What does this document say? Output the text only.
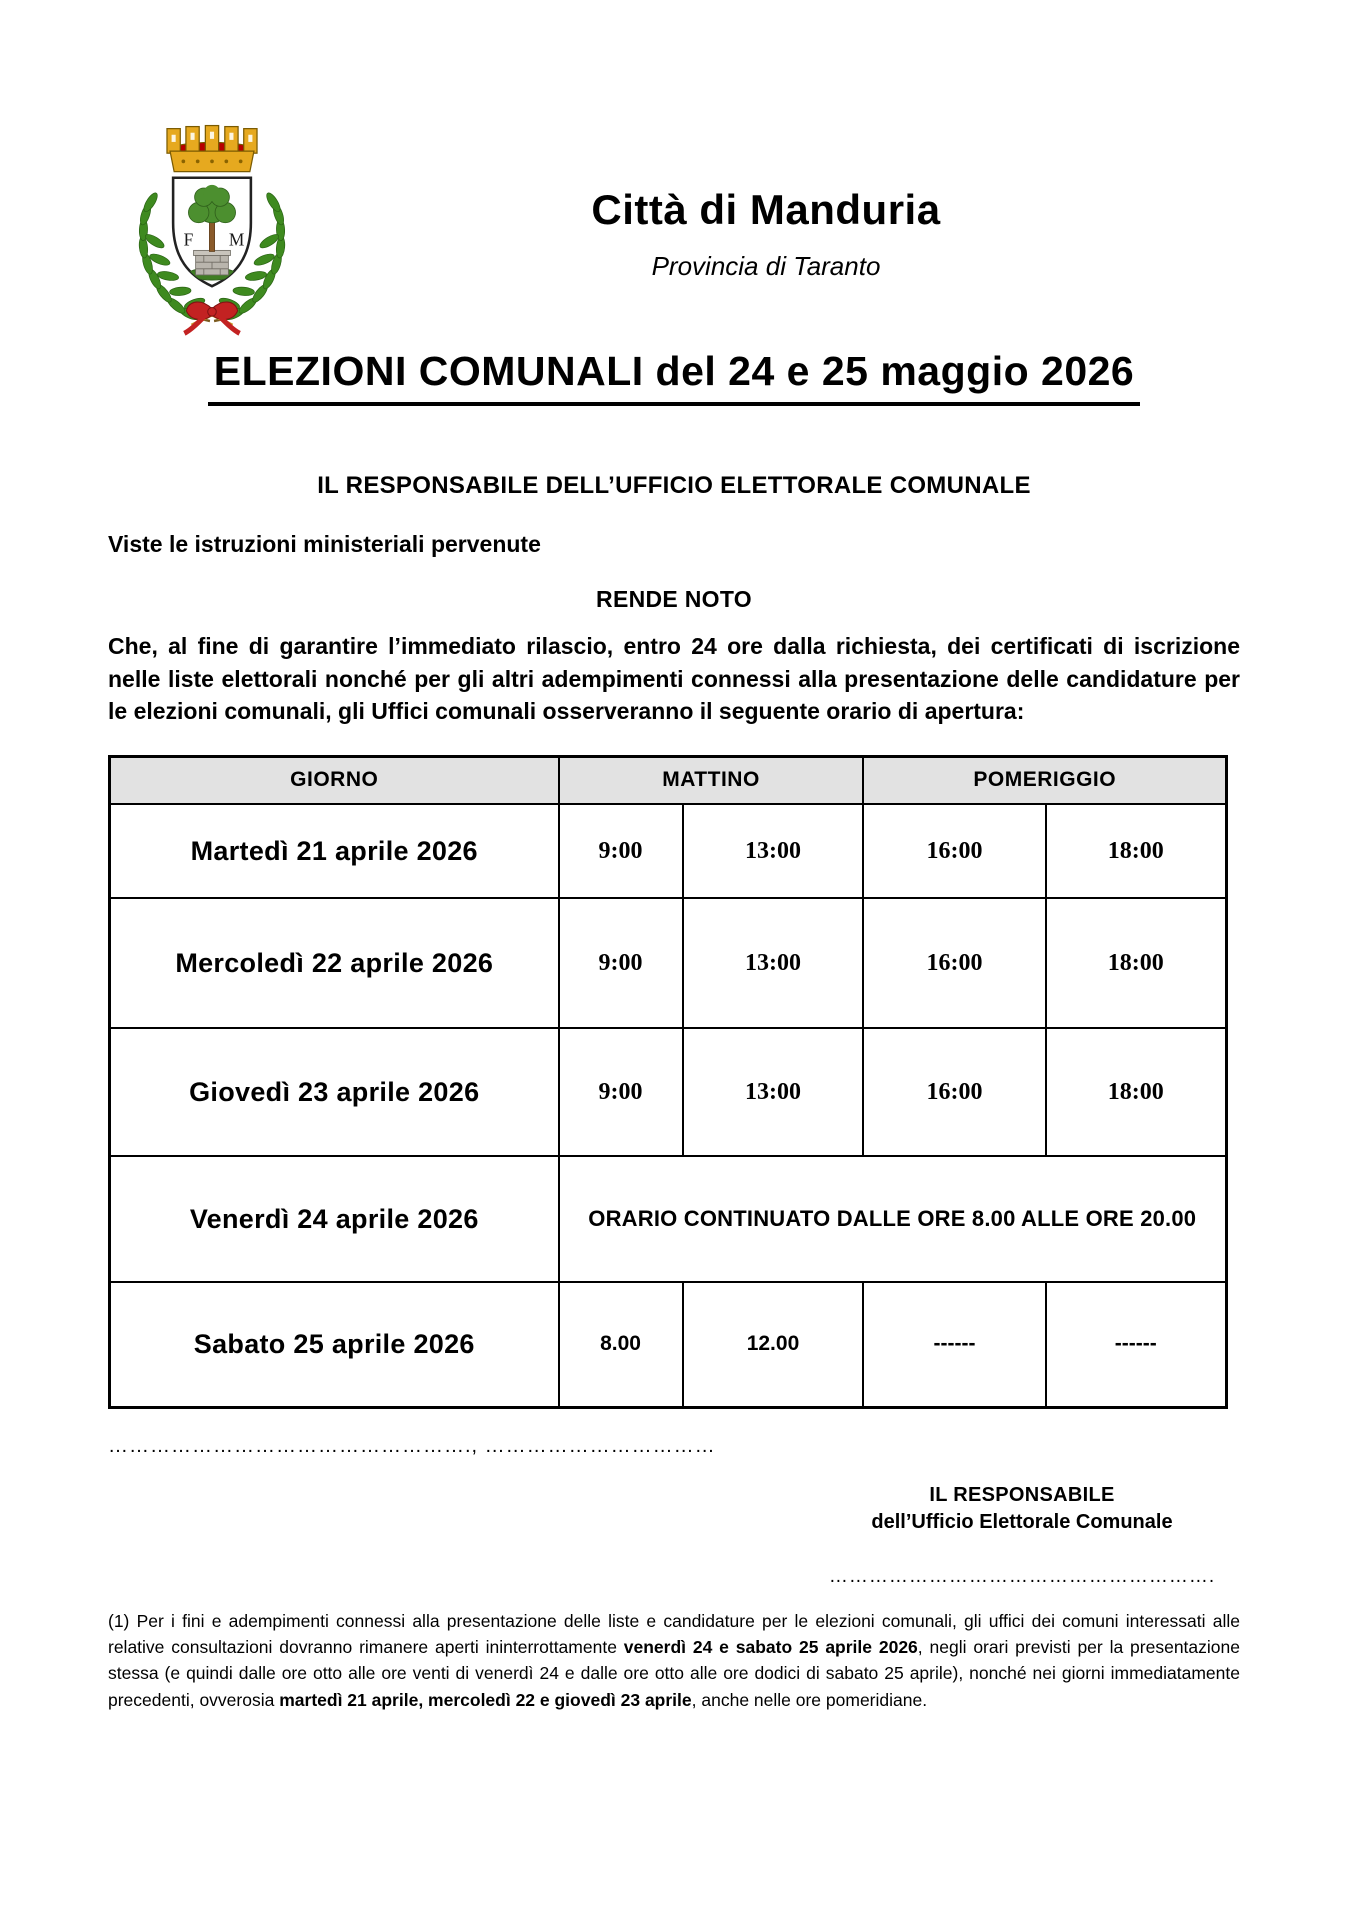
F M
Città di Manduria
Provincia di Taranto
ELEZIONI COMUNALI del 24 e 25 maggio 2026
IL RESPONSABILE DELL’UFFICIO ELETTORALE COMUNALE
Viste le istruzioni ministeriali pervenute
RENDE NOTO
Che, al fine di garantire l’immediato rilascio, entro 24 ore dalla richiesta, dei certificati di iscrizione nelle liste elettorali nonché per gli altri adempimenti connessi alla presentazione delle candidature per le elezioni comunali, gli Uffici comunali osserveranno il seguente orario di apertura:
GIORNO	MATTINO		POMERIGGIO	
Martedì 21 aprile 2026	9:00	13:00	16:00	18:00
Mercoledì 22 aprile 2026	9:00	13:00	16:00	18:00
Giovedì 23 aprile 2026	9:00	13:00	16:00	18:00
Venerdì 24 aprile 2026	ORARIO CONTINUATO DALLE ORE 8.00 ALLE ORE 20.00			
Sabato 25 aprile 2026	8.00	12.00	------	------
……………………………………………., ……………………………
IL RESPONSABILE
dell’Ufficio Elettorale Comunale
………………………………………………….
(1) Per i fini e adempimenti connessi alla presentazione delle liste e candidature per le elezioni comunali, gli uffici dei comuni interessati alle relative consultazioni dovranno rimanere aperti ininterrottamente venerdì 24 e sabato 25 aprile 2026, negli orari previsti per la presentazione stessa (e quindi dalle ore otto alle ore venti di venerdì 24 e dalle ore otto alle ore dodici di sabato 25 aprile), nonché nei giorni immediatamente precedenti, ovverosia martedì 21 aprile, mercoledì 22 e giovedì 23 aprile, anche nelle ore pomeridiane.
